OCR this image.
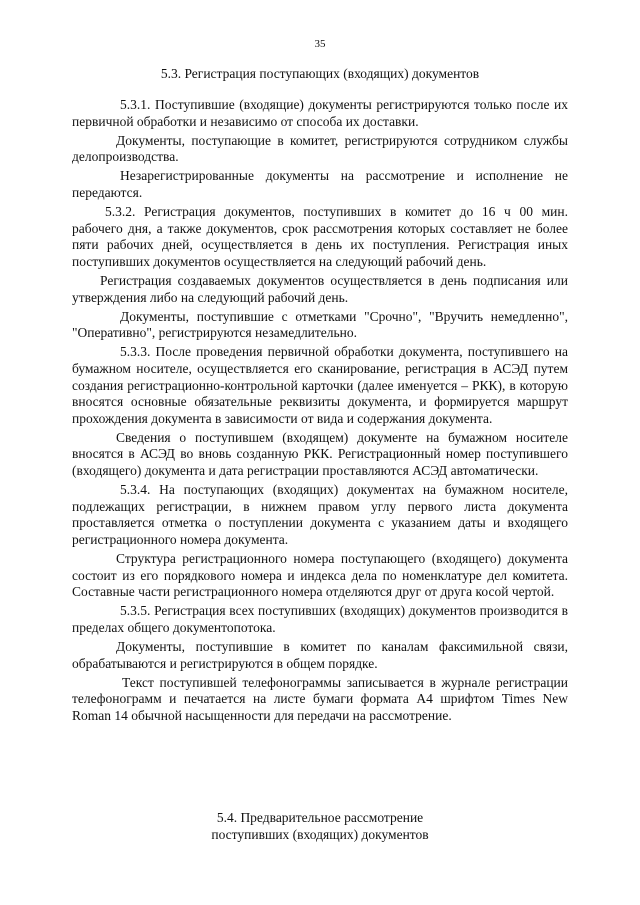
35
5.3. Регистрация поступающих (входящих) документов

5.3.1. Поступившие (входящие) документы регистрируются только после их первичной обработки и независимо от способа их доставки.

Документы, поступающие в комитет, регистрируются сотрудником службы делопроизводства.

Незарегистрированные документы на рассмотрение и исполнение не передаются.

5.3.2. Регистрация документов, поступивших в комитет до 16 ч 00 мин. рабочего дня, а также документов, срок рассмотрения которых составляет не более пяти рабочих дней, осуществляется в день их поступления. Регистрация иных поступивших документов осуществляется на следующий рабочий день.

Регистрация создаваемых документов осуществляется в день подписания или утверждения либо на следующий рабочий день.

Документы, поступившие с отметками "Срочно", "Вручить немедленно", "Оперативно", регистрируются незамедлительно.

5.3.3. После проведения первичной обработки документа, поступившего на бумажном носителе, осуществляется его сканирование, регистрация в АСЭД путем создания регистрационно-контрольной карточки (далее именуется – РКК), в которую вносятся основные обязательные реквизиты документа, и формируется маршрут прохождения документа в зависимости от вида и содержания документа.

Сведения о поступившем (входящем) документе на бумажном носителе вносятся в АСЭД во вновь созданную РКК. Регистрационный номер поступившего (входящего) документа и дата регистрации проставляются АСЭД автоматически.

5.3.4. На поступающих (входящих) документах на бумажном носителе, подлежащих регистрации, в нижнем правом углу первого листа документа проставляется отметка о поступлении документа с указанием даты и входящего регистрационного номера документа.

Структура регистрационного номера поступающего (входящего) документа состоит из его порядкового номера и индекса дела по номенклатуре дел комитета. Составные части регистрационного номера отделяются друг от друга косой чертой.

5.3.5. Регистрация всех поступивших (входящих) документов производится в пределах общего документопотока.

Документы, поступившие в комитет по каналам факсимильной связи, обрабатываются и регистрируются в общем порядке.

Текст поступившей телефонограммы записывается в журнале регистрации телефонограмм и печатается на листе бумаги формата А4 шрифтом Times New Roman 14 обычной насыщенности для передачи на рассмотрение.

5.4. Предварительное рассмотрение
поступивших (входящих) документов
